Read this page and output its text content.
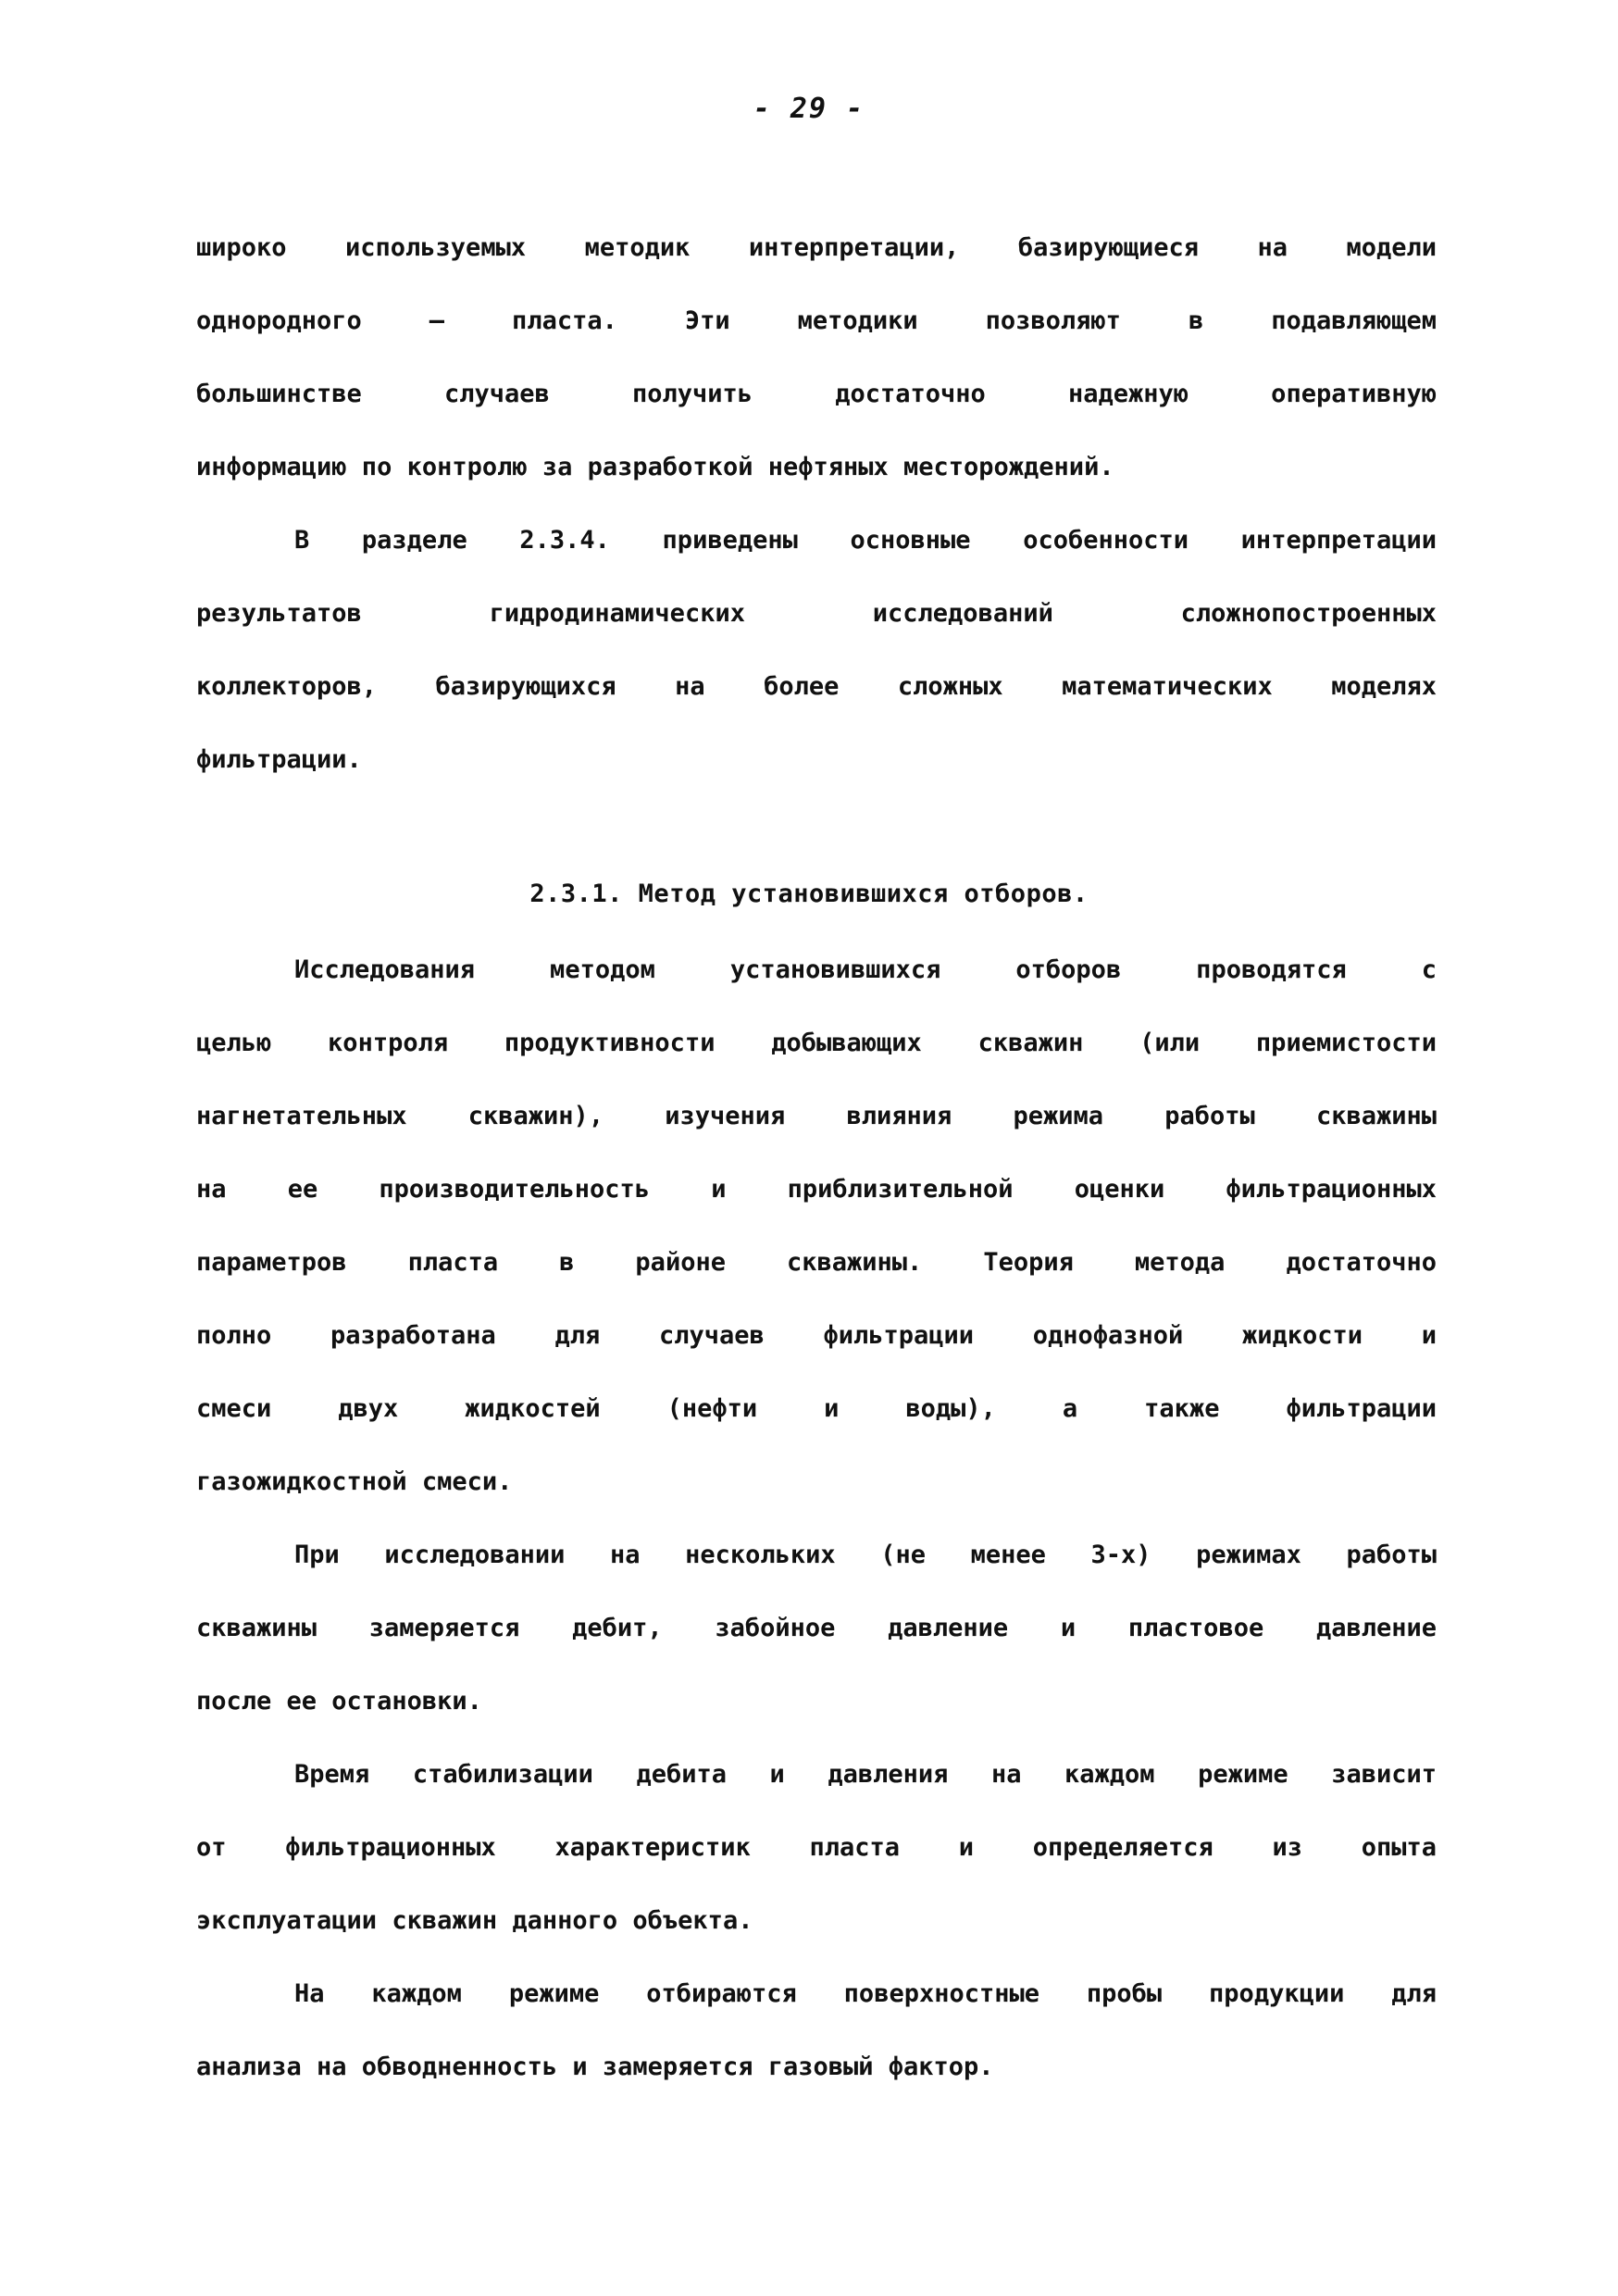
- 29 -
широко используемых методик интерпретации, базирующиеся на модели
однородного — пласта. Эти методики позволяют в подавляющем
большинстве случаев получить достаточно надежную оперативную
информацию по контролю за разработкой нефтяных месторождений.
В разделе 2.3.4. приведены основные особенности интерпретации
результатов гидродинамических исследований сложнопостроенных
коллекторов, базирующихся на более сложных математических моделях
фильтрации.
2.3.1. Метод установившихся отборов.
Исследования методом установившихся отборов проводятся с
целью контроля продуктивности добывающих скважин (или приемистости
нагнетательных скважин), изучения влияния режима работы скважины
на ее производительность и приблизительной оценки фильтрационных
параметров пласта в районе скважины. Теория метода достаточно
полно разработана для случаев фильтрации однофазной жидкости и
смеси двух жидкостей (нефти и воды), а также фильтрации
газожидкостной смеси.
При исследовании на нескольких (не менее 3-х) режимах работы
скважины замеряется дебит, забойное давление и пластовое давление
после ее остановки.
Время стабилизации дебита и давления на каждом режиме зависит
от фильтрационных характеристик пласта и определяется из опыта
эксплуатации скважин данного объекта.
На каждом режиме отбираются поверхностные пробы продукции для
анализа на обводненность и замеряется газовый фактор.
